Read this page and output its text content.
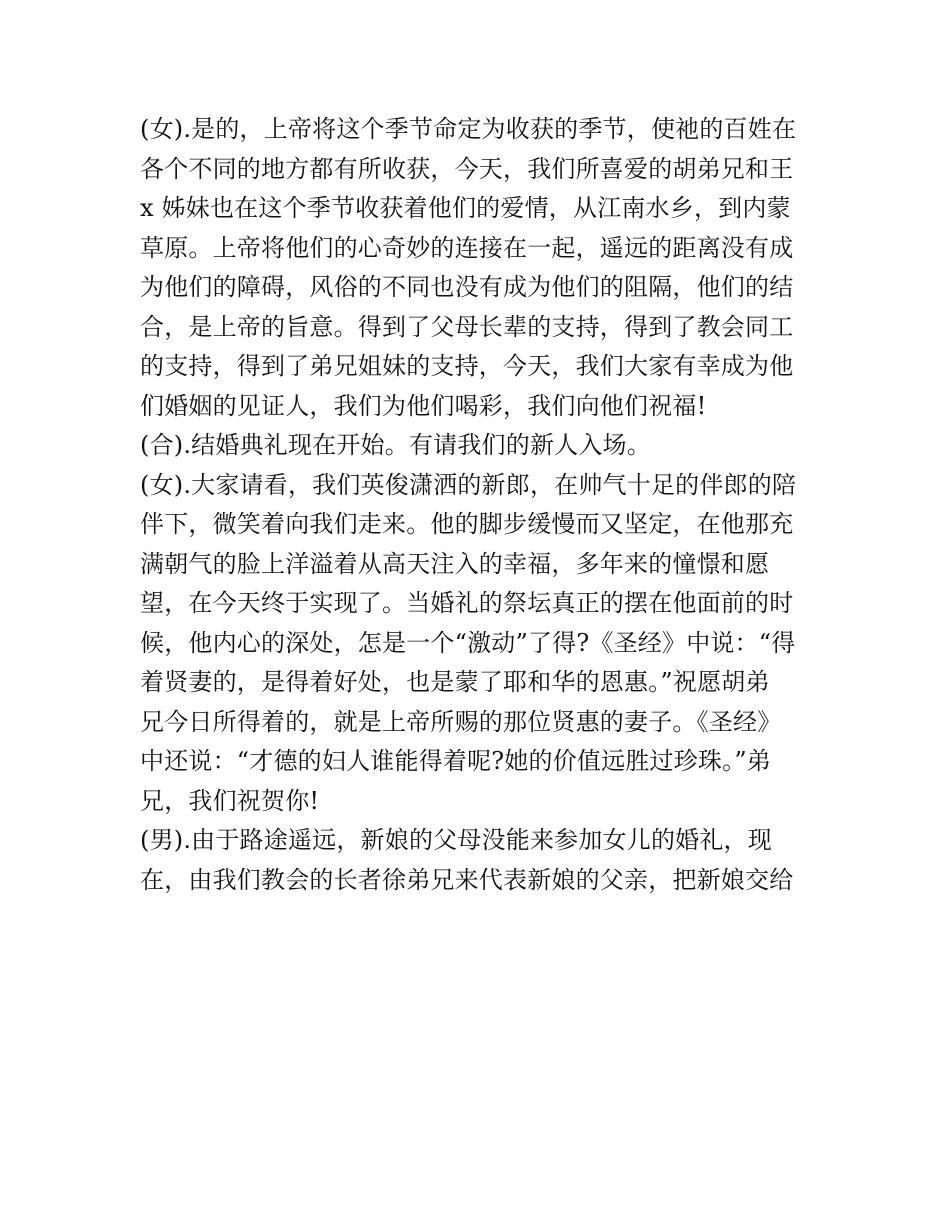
(女).是的，上帝将这个季节命定为收获的季节，使祂的百姓在
各个不同的地方都有所收获，今天，我们所喜爱的胡弟兄和王
x 姊妹也在这个季节收获着他们的爱情，从江南水乡，到内蒙
草原。上帝将他们的心奇妙的连接在一起，遥远的距离没有成
为他们的障碍，风俗的不同也没有成为他们的阻隔，他们的结
合，是上帝的旨意。得到了父母长辈的支持，得到了教会同工
的支持，得到了弟兄姐妹的支持，今天，我们大家有幸成为他
们婚姻的见证人，我们为他们喝彩，我们向他们祝福!
(合).结婚典礼现在开始。有请我们的新人入场。
(女).大家请看，我们英俊潇洒的新郎，在帅气十足的伴郎的陪
伴下，微笑着向我们走来。他的脚步缓慢而又坚定，在他那充
满朝气的脸上洋溢着从高天注入的幸福，多年来的憧憬和愿
望，在今天终于实现了。当婚礼的祭坛真正的摆在他面前的时
候，他内心的深处，怎是一个“激动”了得?《圣经》中说：“得
着贤妻的，是得着好处，也是蒙了耶和华的恩惠。”祝愿胡弟
兄今日所得着的，就是上帝所赐的那位贤惠的妻子。《圣经》
中还说：“才德的妇人谁能得着呢?她的价值远胜过珍珠。”弟
兄，我们祝贺你!
(男).由于路途遥远，新娘的父母没能来参加女儿的婚礼，现
在，由我们教会的长者徐弟兄来代表新娘的父亲，把新娘交给
